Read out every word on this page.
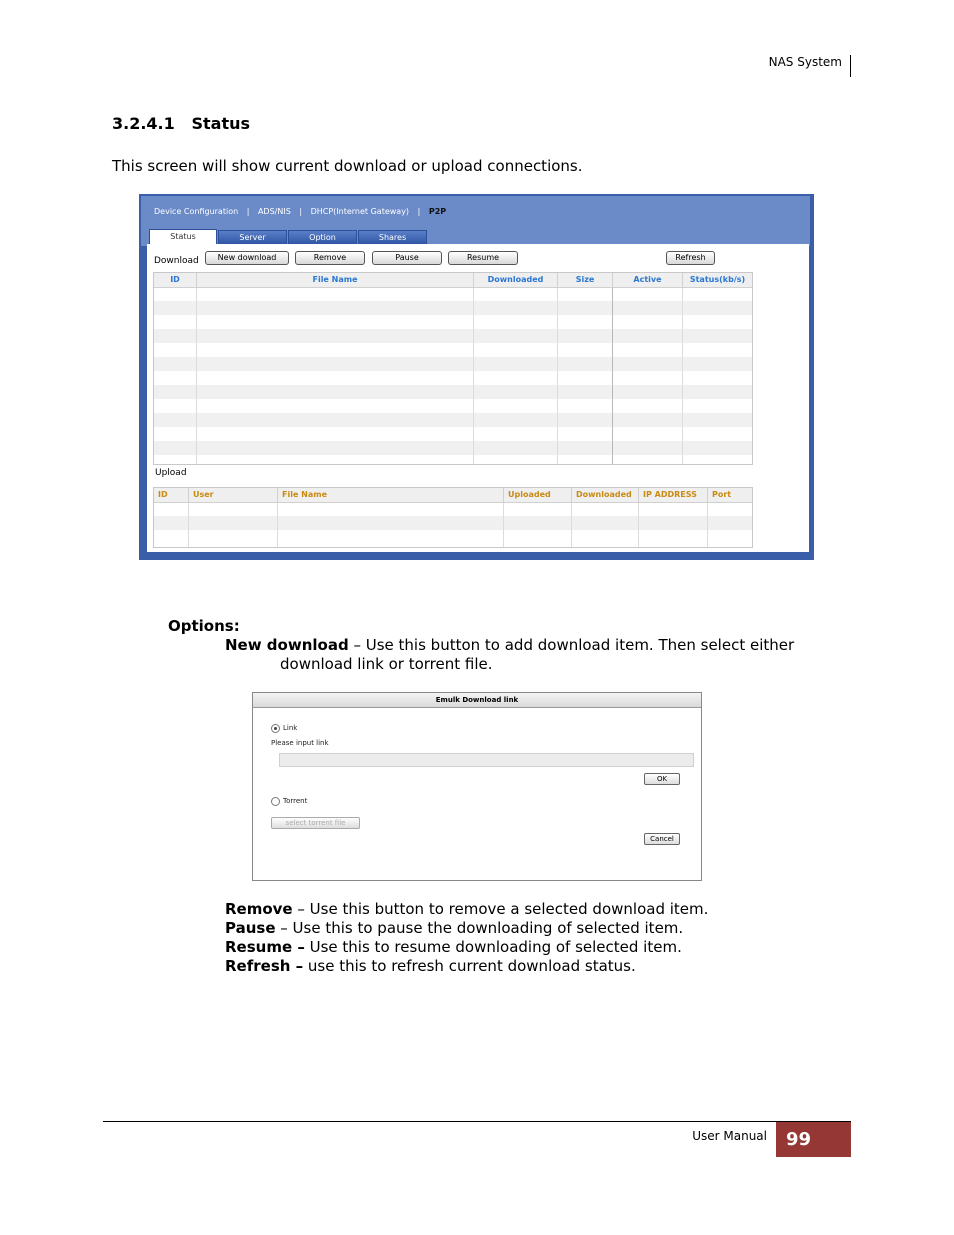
NAS System
3.2.4.1   Status
This screen will show current download or upload connections.
Device Configuration | ADS/NIS | DHCP(Internet Gateway) | P2P
Status	Server	Option	Shares
Download	New download	Remove	Pause	Resume	Refresh
ID	File Name	Downloaded	Size	Active	Status(kb/s)
Upload
ID	User	File Name	Uploaded	Downloaded	IP ADDRESS	Port
Options:
New download – Use this button to add download item. Then select either
download link or torrent file.
Emulk Download link
Link
Please input link
OK
Torrent
select torrent file
Cancel
Remove – Use this button to remove a selected download item.
Pause – Use this to pause the downloading of selected item.
Resume – Use this to resume downloading of selected item.
Refresh – use this to refresh current download status.
User Manual 99
